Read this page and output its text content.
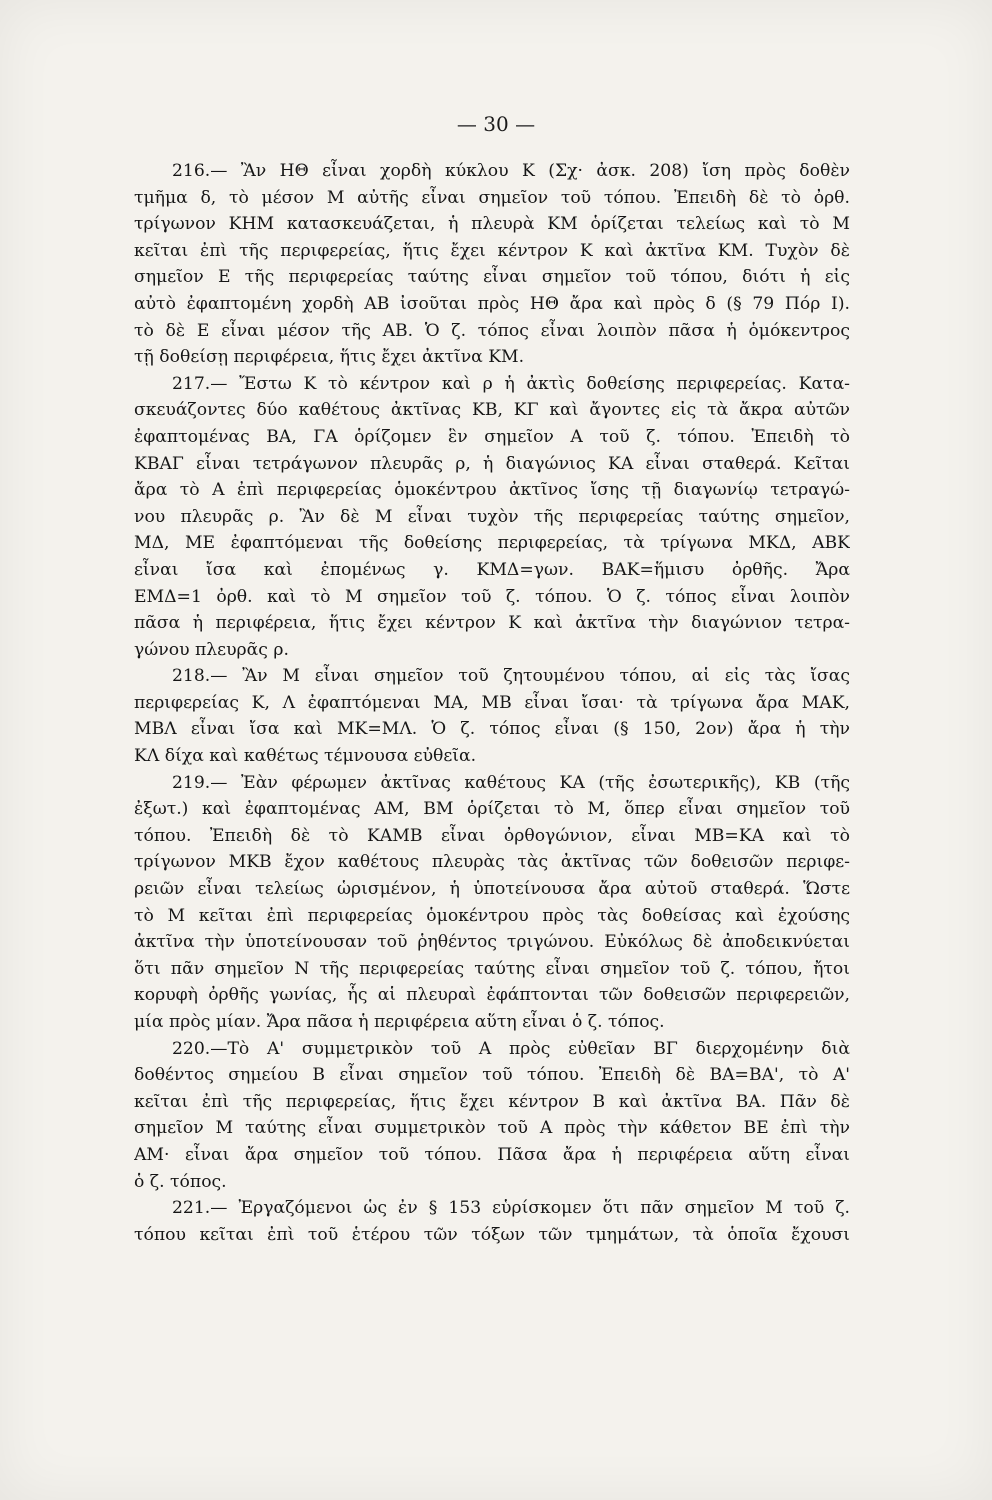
— 30 —
216.— Ἂν ΗΘ εἶναι χορδὴ κύκλου Κ (Σχ· ἀσκ. 208) ἴση πρὸς δοθὲν
τμῆμα δ, τὸ μέσον Μ αὐτῆς εἶναι σημεῖον τοῦ τόπου. Ἐπειδὴ δὲ τὸ ὀρθ.
τρίγωνον ΚΗΜ κατασκευάζεται, ἡ πλευρὰ ΚΜ ὁρίζεται τελείως καὶ τὸ Μ
κεῖται ἐπὶ τῆς περιφερείας, ἥτις ἔχει κέντρον Κ καὶ ἀκτῖνα ΚΜ. Τυχὸν δὲ
σημεῖον Ε τῆς περιφερείας ταύτης εἶναι σημεῖον τοῦ τόπου, διότι ἡ εἰς
αὐτὸ ἐφαπτομένη χορδὴ ΑΒ ἰσοῦται πρὸς ΗΘ ἄρα καὶ πρὸς δ (§ 79 Πόρ Ι).
τὸ δὲ Ε εἶναι μέσον τῆς ΑΒ. Ὁ ζ. τόπος εἶναι λοιπὸν πᾶσα ἡ ὁμόκεντρος
τῇ δοθείσῃ περιφέρεια, ἥτις ἔχει ἀκτῖνα ΚΜ.
217.— Ἔστω Κ τὸ κέντρον καὶ ρ ἡ ἀκτὶς δοθείσης περιφερείας. Κατα-
σκευάζοντες δύο καθέτους ἀκτῖνας ΚΒ, ΚΓ καὶ ἄγοντες εἰς τὰ ἄκρα αὐτῶν
ἐφαπτομένας ΒΑ, ΓΑ ὁρίζομεν ἓν σημεῖον Α τοῦ ζ. τόπου. Ἐπειδὴ τὸ
ΚΒΑΓ εἶναι τετράγωνον πλευρᾶς ρ, ἡ διαγώνιος ΚΑ εἶναι σταθερά. Κεῖται
ἄρα τὸ Α ἐπὶ περιφερείας ὁμοκέντρου ἀκτῖνος ἴσης τῇ διαγωνίῳ τετραγώ-
νου πλευρᾶς ρ. Ἂν δὲ Μ εἶναι τυχὸν τῆς περιφερείας ταύτης σημεῖον,
ΜΔ, ΜΕ ἐφαπτόμεναι τῆς δοθείσης περιφερείας, τὰ τρίγωνα ΜΚΔ, ΑΒΚ
εἶναι ἴσα καὶ ἐπομένως γ. ΚΜΔ=γων. ΒΑΚ=ἥμισυ ὀρθῆς. Ἄρα
ΕΜΔ=1 ὀρθ. καὶ τὸ Μ σημεῖον τοῦ ζ. τόπου. Ὁ ζ. τόπος εἶναι λοιπὸν
πᾶσα ἡ περιφέρεια, ἥτις ἔχει κέντρον Κ καὶ ἀκτῖνα τὴν διαγώνιον τετρα-
γώνου πλευρᾶς ρ.
218.— Ἂν Μ εἶναι σημεῖον τοῦ ζητουμένου τόπου, αἱ εἰς τὰς ἴσας
περιφερείας Κ, Λ ἐφαπτόμεναι ΜΑ, ΜΒ εἶναι ἴσαι· τὰ τρίγωνα ἄρα ΜΑΚ,
ΜΒΛ εἶναι ἴσα καὶ ΜΚ=ΜΛ. Ὁ ζ. τόπος εἶναι (§ 150, 2ον) ἄρα ἡ τὴν
ΚΛ δίχα καὶ καθέτως τέμνουσα εὐθεῖα.
219.— Ἐὰν φέρωμεν ἀκτῖνας καθέτους ΚΑ (τῆς ἐσωτερικῆς), ΚΒ (τῆς
ἐξωτ.) καὶ ἐφαπτομένας ΑΜ, ΒΜ ὁρίζεται τὸ Μ, ὅπερ εἶναι σημεῖον τοῦ
τόπου. Ἐπειδὴ δὲ τὸ ΚΑΜΒ εἶναι ὀρθογώνιον, εἶναι ΜΒ=ΚΑ καὶ τὸ
τρίγωνον ΜΚΒ ἔχον καθέτους πλευρὰς τὰς ἀκτῖνας τῶν δοθεισῶν περιφε-
ρειῶν εἶναι τελείως ὡρισμένον, ἡ ὑποτείνουσα ἄρα αὐτοῦ σταθερά. Ὥστε
τὸ Μ κεῖται ἐπὶ περιφερείας ὁμοκέντρου πρὸς τὰς δοθείσας καὶ ἐχούσης
ἀκτῖνα τὴν ὑποτείνουσαν τοῦ ῥηθέντος τριγώνου. Εὐκόλως δὲ ἀποδεικνύεται
ὅτι πᾶν σημεῖον Ν τῆς περιφερείας ταύτης εἶναι σημεῖον τοῦ ζ. τόπου, ἤτοι
κορυφὴ ὀρθῆς γωνίας, ἧς αἱ πλευραὶ ἐφάπτονται τῶν δοθεισῶν περιφερειῶν,
μία πρὸς μίαν. Ἄρα πᾶσα ἡ περιφέρεια αὕτη εἶναι ὁ ζ. τόπος.
220.—Τὸ Α' συμμετρικὸν τοῦ Α πρὸς εὐθεῖαν ΒΓ διερχομένην διὰ
δοθέντος σημείου Β εἶναι σημεῖον τοῦ τόπου. Ἐπειδὴ δὲ ΒΑ=ΒΑ', τὸ Α'
κεῖται ἐπὶ τῆς περιφερείας, ἥτις ἔχει κέντρον Β καὶ ἀκτῖνα ΒΑ. Πᾶν δὲ
σημεῖον Μ ταύτης εἶναι συμμετρικὸν τοῦ Α πρὸς τὴν κάθετον ΒΕ ἐπὶ τὴν
ΑΜ· εἶναι ἄρα σημεῖον τοῦ τόπου. Πᾶσα ἄρα ἡ περιφέρεια αὕτη εἶναι
ὁ ζ. τόπος.
221.— Ἐργαζόμενοι ὡς ἐν § 153 εὑρίσκομεν ὅτι πᾶν σημεῖον Μ τοῦ ζ.
τόπου κεῖται ἐπὶ τοῦ ἑτέρου τῶν τόξων τῶν τμημάτων, τὰ ὁποῖα ἔχουσι
